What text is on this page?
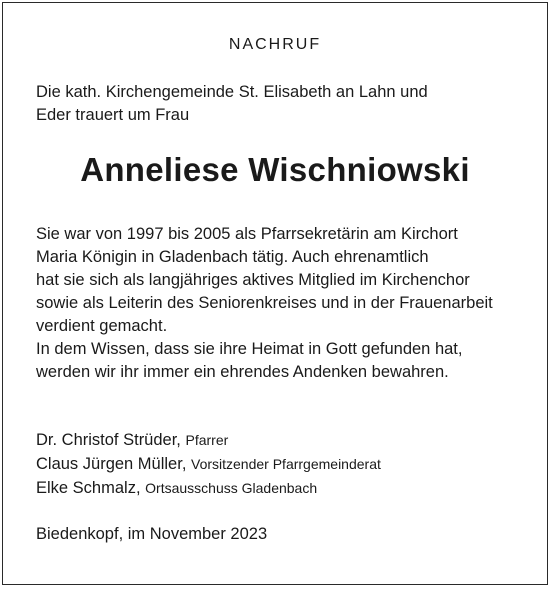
NACHRUF
Die kath. Kirchengemeinde St. Elisabeth an Lahn und
Eder trauert um Frau
Anneliese Wischniowski
Sie war von 1997 bis 2005 als Pfarrsekretärin am Kirchort
Maria Königin in Gladenbach tätig. Auch ehrenamtlich
hat sie sich als langjähriges aktives Mitglied im Kirchenchor
sowie als Leiterin des Seniorenkreises und in der Frauenarbeit
verdient gemacht.
In dem Wissen, dass sie ihre Heimat in Gott gefunden hat,
werden wir ihr immer ein ehrendes Andenken bewahren.
Dr. Christof Strüder, Pfarrer
Claus Jürgen Müller, Vorsitzender Pfarrgemeinderat
Elke Schmalz, Ortsausschuss Gladenbach
Biedenkopf, im November 2023
